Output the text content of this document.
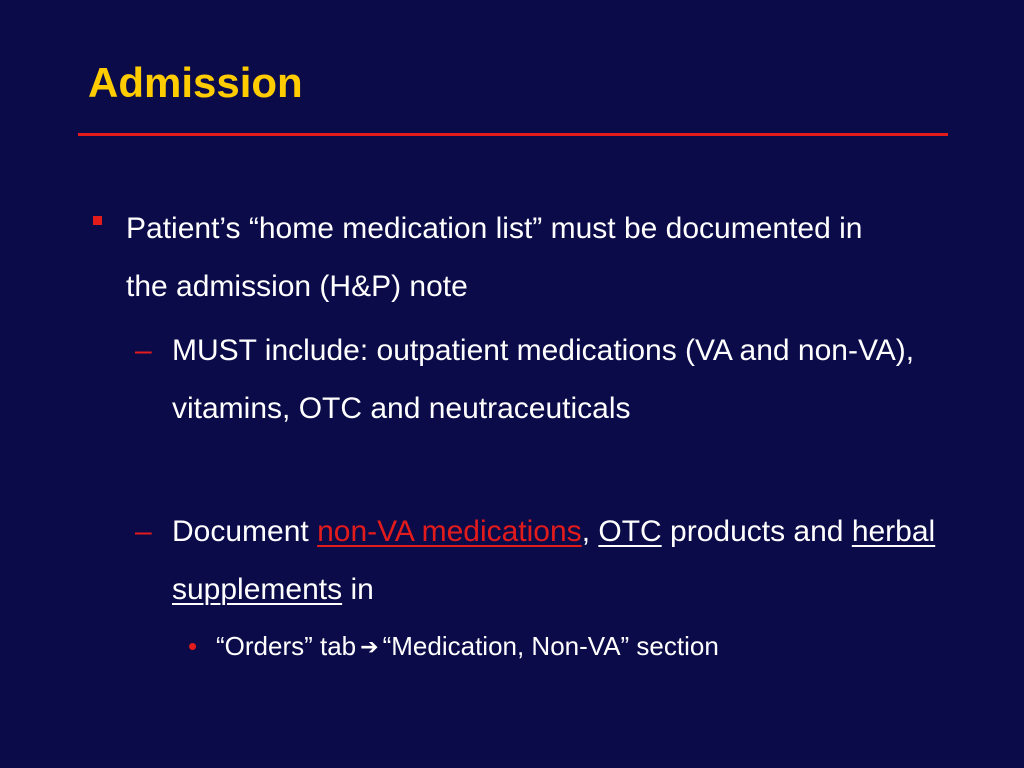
Admission
Patient’s “home medication list” must be documented in the admission (H&P) note
– MUST include: outpatient medications (VA and non-VA), vitamins, OTC and neutraceuticals
– Document non-VA medications, OTC products and herbal supplements in
• “Orders” tab ➔ “Medication, Non-VA” section
